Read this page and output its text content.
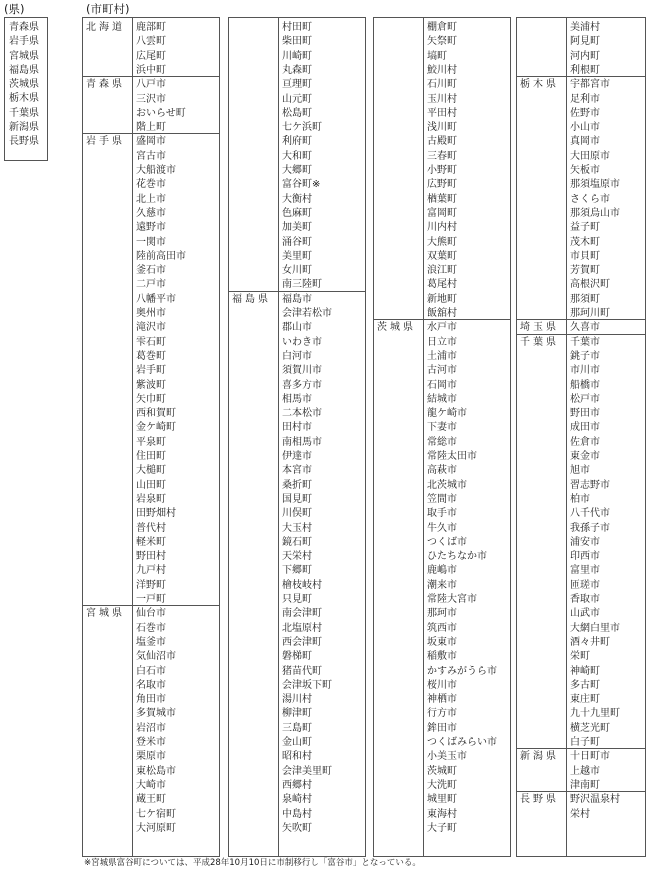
(県)	(市町村)
青森県
岩手県
宮城県
福島県
茨城県
栃木県
千葉県
新潟県
長野県
北海道 鹿部町
八雲町
広尾町
浜中町
青森県 八戸市
三沢市
おいらせ町
階上町
岩手県 盛岡市
宮古市
大船渡市
花巻市
北上市
久慈市
遠野市
一関市
陸前高田市
釜石市
二戸市
八幡平市
奥州市
滝沢市
雫石町
葛巻町
岩手町
紫波町
矢巾町
西和賀町
金ケ崎町
平泉町
住田町
大槌町
山田町
岩泉町
田野畑村
普代村
軽米町
野田村
九戸村
洋野町
一戸町
宮城県 仙台市
石巻市
塩釜市
気仙沼市
白石市
名取市
角田市
多賀城市
岩沼市
登米市
栗原市
東松島市
大崎市
蔵王町
七ケ宿町
大河原町
村田町
柴田町
川崎町
丸森町
亘理町
山元町
松島町
七ケ浜町
利府町
大和町
大郷町
富谷町※
大衡村
色麻町
加美町
涌谷町
美里町
女川町
南三陸町
福島県 福島市
会津若松市
郡山市
いわき市
白河市
須賀川市
喜多方市
相馬市
二本松市
田村市
南相馬市
伊達市
本宮市
桑折町
国見町
川俣町
大玉村
鏡石町
天栄村
下郷町
檜枝岐村
只見町
南会津町
北塩原村
西会津町
磐梯町
猪苗代町
会津坂下町
湯川村
柳津町
三島町
金山町
昭和村
会津美里町
西郷村
泉崎村
中島村
矢吹町
棚倉町
矢祭町
塙町
鮫川村
石川町
玉川村
平田村
浅川町
古殿町
三春町
小野町
広野町
楢葉町
富岡町
川内村
大熊町
双葉町
浪江町
葛尾村
新地町
飯舘村
茨城県 水戸市
日立市
土浦市
古河市
石岡市
結城市
龍ケ崎市
下妻市
常総市
常陸太田市
高萩市
北茨城市
笠間市
取手市
牛久市
つくば市
ひたちなか市
鹿嶋市
潮来市
常陸大宮市
那珂市
筑西市
坂東市
稲敷市
かすみがうら市
桜川市
神栖市
行方市
鉾田市
つくばみらい市
小美玉市
茨城町
大洗町
城里町
東海村
大子町
美浦村
阿見町
河内町
利根町
栃木県 宇都宮市
足利市
佐野市
小山市
真岡市
大田原市
矢板市
那須塩原市
さくら市
那須烏山市
益子町
茂木町
市貝町
芳賀町
高根沢町
那須町
那珂川町
埼玉県 久喜市
千葉県 千葉市
銚子市
市川市
船橋市
松戸市
野田市
成田市
佐倉市
東金市
旭市
習志野市
柏市
八千代市
我孫子市
浦安市
印西市
富里市
匝瑳市
香取市
山武市
大網白里市
酒々井町
栄町
神崎町
多古町
東庄町
九十九里町
横芝光町
白子町
新潟県 十日町市
上越市
津南町
長野県 野沢温泉村
栄村
※宮城県富谷町については、平成28年10月10日に市制移行し「富谷市」となっている。
